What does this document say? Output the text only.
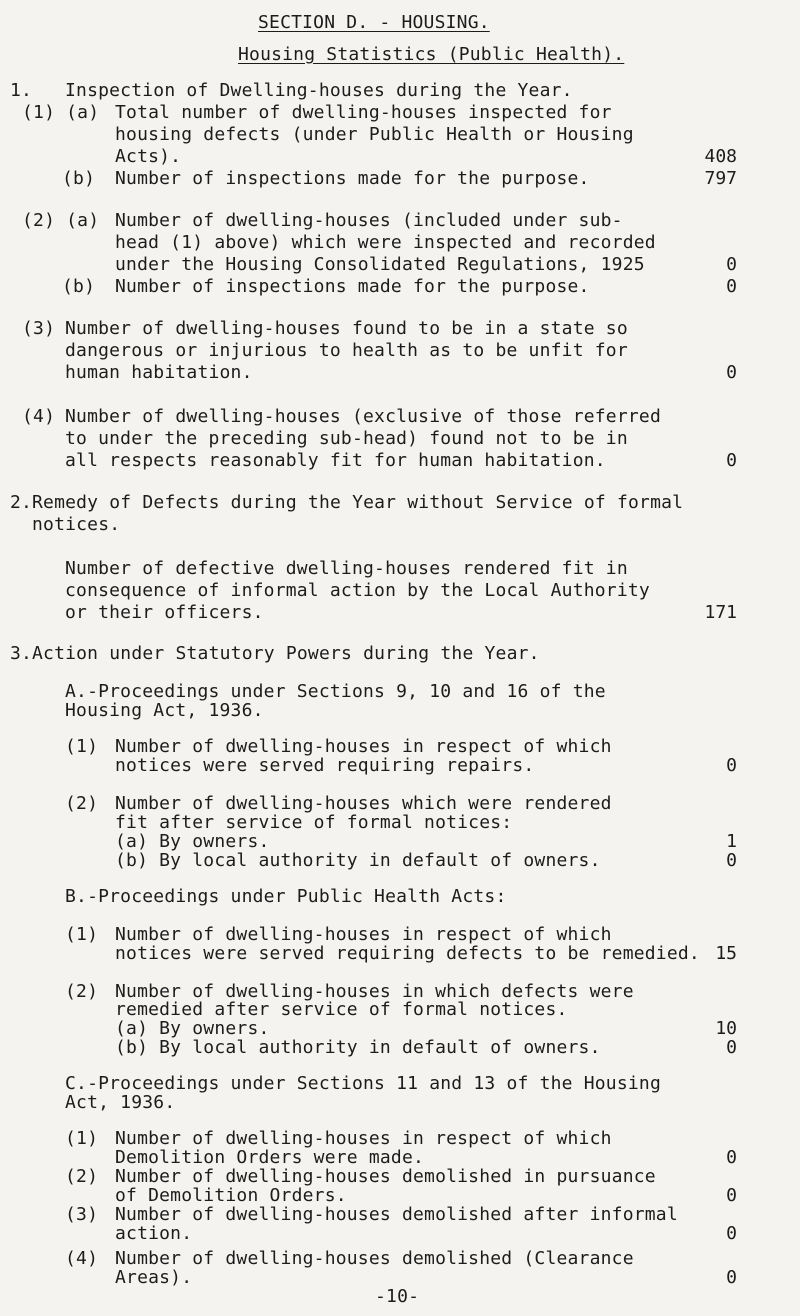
SECTION D. - HOUSING.
Housing Statistics (Public Health).
1. Inspection of Dwelling-houses during the Year.
(1) (a) Total number of dwelling-houses inspected for
housing defects (under Public Health or Housing
Acts).	408
(b) Number of inspections made for the purpose.	797
(2) (a) Number of dwelling-houses (included under sub-
head (1) above) which were inspected and recorded
under the Housing Consolidated Regulations, 1925	0
(b) Number of inspections made for the purpose.	0
(3) Number of dwelling-houses found to be in a state so
dangerous or injurious to health as to be unfit for
human habitation.	0
(4) Number of dwelling-houses (exclusive of those referred
to under the preceding sub-head) found not to be in
all respects reasonably fit for human habitation.	0
2. Remedy of Defects during the Year without Service of formal
notices.
Number of defective dwelling-houses rendered fit in
consequence of informal action by the Local Authority
or their officers.	171
3. Action under Statutory Powers during the Year.
A.-Proceedings under Sections 9, 10 and 16 of the
Housing Act, 1936.
(1) Number of dwelling-houses in respect of which
notices were served requiring repairs.	0
(2) Number of dwelling-houses which were rendered
fit after service of formal notices:
(a) By owners.	1
(b) By local authority in default of owners.	0
B.-Proceedings under Public Health Acts:
(1) Number of dwelling-houses in respect of which
notices were served requiring defects to be remedied. 15
(2) Number of dwelling-houses in which defects were
remedied after service of formal notices.
(a) By owners.	10
(b) By local authority in default of owners.	0
C.-Proceedings under Sections 11 and 13 of the Housing
Act, 1936.
(1) Number of dwelling-houses in respect of which
Demolition Orders were made.	0
(2) Number of dwelling-houses demolished in pursuance
of Demolition Orders.	0
(3) Number of dwelling-houses demolished after informal
action.	0
(4) Number of dwelling-houses demolished (Clearance
Areas).	0
-10-
